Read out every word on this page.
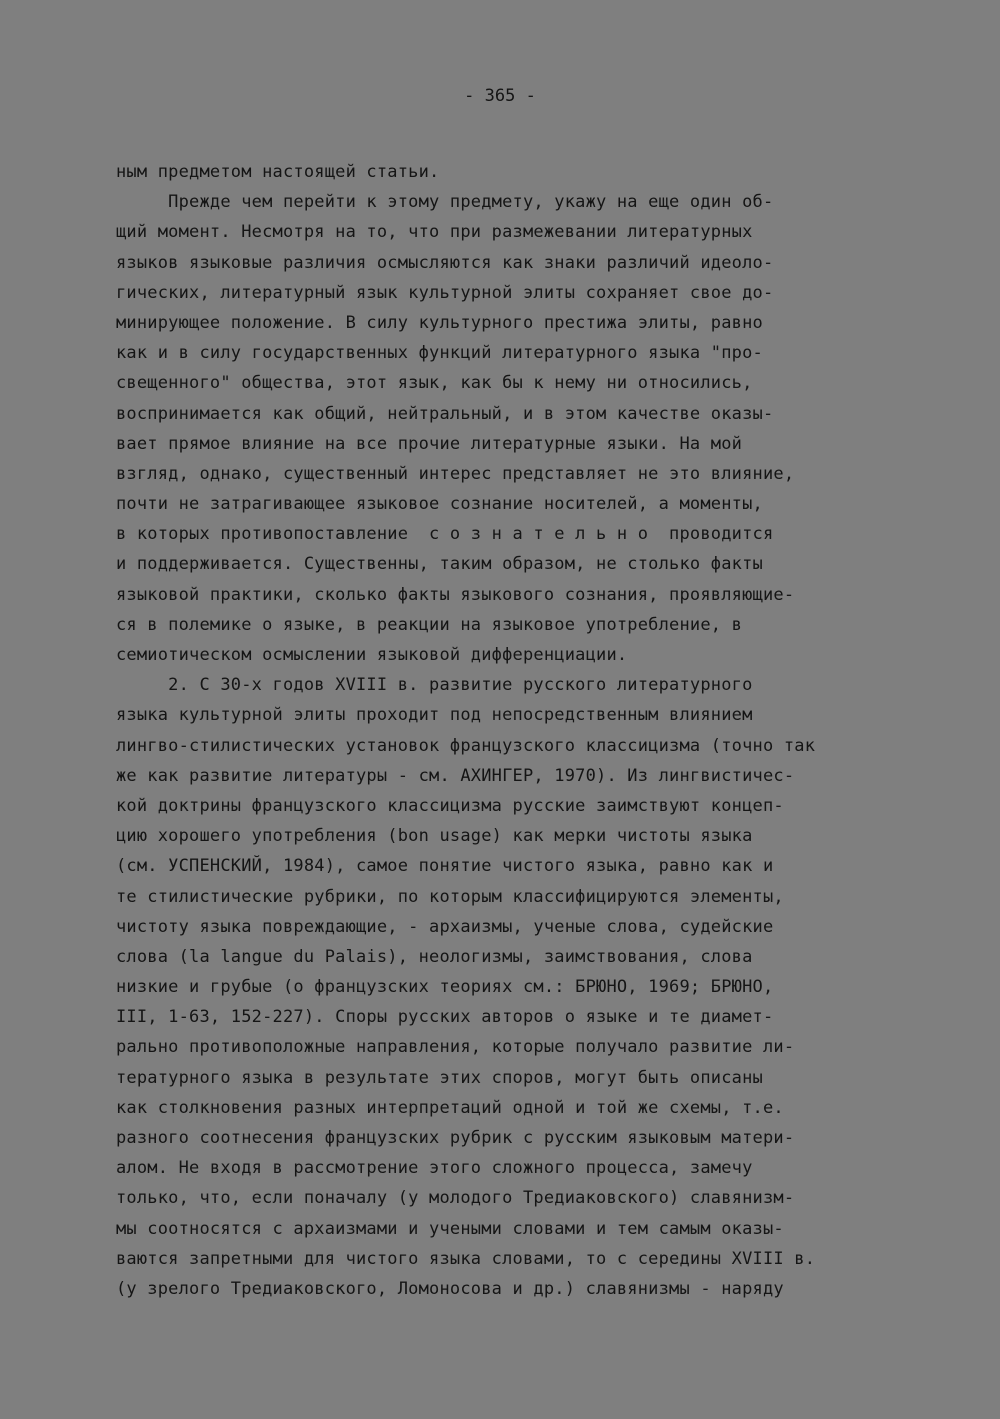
- 365 -
ным предметом настоящей статьи.
Прежде чем перейти к этому предмету, укажу на еще один об-
щий момент. Несмотря на то, что при размежевании литературных
языков языковые различия осмысляются как знаки различий идеоло-
гических, литературный язык культурной элиты сохраняет свое до-
минирующее положение. В силу культурного престижа элиты, равно
как и в силу государственных функций литературного языка "про-
свещенного" общества, этот язык, как бы к нему ни относились,
воспринимается как общий, нейтральный, и в этом качестве оказы-
вает прямое влияние на все прочие литературные языки. На мой
взгляд, однако, существенный интерес представляет не это влияние,
почти не затрагивающее языковое сознание носителей, а моменты,
в которых противопоставление  с о з н а т е л ь н о  проводится
и поддерживается. Существенны, таким образом, не столько факты
языковой практики, сколько факты языкового сознания, проявляющие-
ся в полемике о языке, в реакции на языковое употребление, в
семиотическом осмыслении языковой дифференциации.
2. С 30-х годов XVIII в. развитие русского литературного
языка культурной элиты проходит под непосредственным влиянием
лингво-стилистических установок французского классицизма (точно так
же как развитие литературы - см. АХИНГЕР, 1970). Из лингвистичес-
кой доктрины французского классицизма русские заимствуют концеп-
цию хорошего употребления (bon usage) как мерки чистоты языка
(см. УСПЕНСКИЙ, 1984), самое понятие чистого языка, равно как и
те стилистические рубрики, по которым классифицируются элементы,
чистоту языка повреждающие, - архаизмы, ученые слова, судейские
слова (la langue du Palais), неологизмы, заимствования, слова
низкие и грубые (о французских теориях см.: БРЮНО, 1969; БРЮНО,
III, 1-63, 152-227). Споры русских авторов о языке и те диамет-
рально противоположные направления, которые получало развитие ли-
тературного языка в результате этих споров, могут быть описаны
как столкновения разных интерпретаций одной и той же схемы, т.е.
разного соотнесения французских рубрик с русским языковым матери-
алом. Не входя в рассмотрение этого сложного процесса, замечу
только, что, если поначалу (у молодого Тредиаковского) славянизм-
мы соотносятся с архаизмами и учеными словами и тем самым оказы-
ваются запретными для чистого языка словами, то с середины XVIII в.
(у зрелого Тредиаковского, Ломоносова и др.) славянизмы - наряду
